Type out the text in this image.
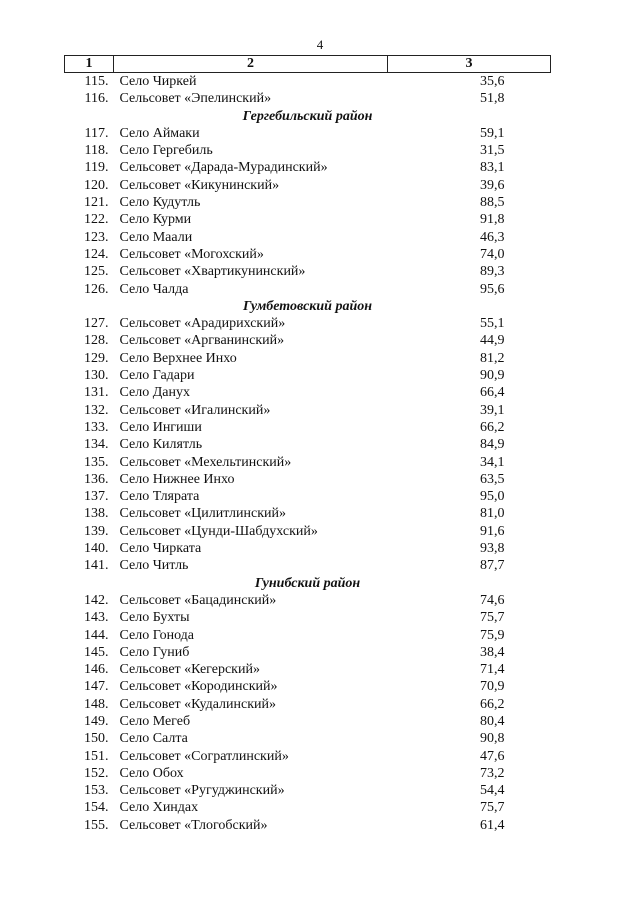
4
1	2	3
115.	Село Чиркей	35,6
116.	Сельсовет «Эпелинский»	51,8
Гергебильский район		
117.	Село Аймаки	59,1
118.	Село Гергебиль	31,5
119.	Сельсовет «Дарада-Мурадинский»	83,1
120.	Сельсовет «Кикунинский»	39,6
121.	Село Кудутль	88,5
122.	Село Курми	91,8
123.	Село Маали	46,3
124.	Сельсовет «Могохский»	74,0
125.	Сельсовет «Хвартикунинский»	89,3
126.	Село Чалда	95,6
Гумбетовский район		
127.	Сельсовет «Арадирихский»	55,1
128.	Сельсовет «Аргванинский»	44,9
129.	Село Верхнее Инхо	81,2
130.	Село Гадари	90,9
131.	Село Данух	66,4
132.	Сельсовет «Игалинский»	39,1
133.	Село Ингиши	66,2
134.	Село Килятль	84,9
135.	Сельсовет «Мехельтинский»	34,1
136.	Село Нижнее Инхо	63,5
137.	Село Тлярата	95,0
138.	Сельсовет «Цилитлинский»	81,0
139.	Сельсовет «Цунди-Шабдухский»	91,6
140.	Село Чирката	93,8
141.	Село Читль	87,7
Гунибский район		
142.	Сельсовет «Бацадинский»	74,6
143.	Село Бухты	75,7
144.	Село Гонода	75,9
145.	Село Гуниб	38,4
146.	Сельсовет «Кегерский»	71,4
147.	Сельсовет «Кородинский»	70,9
148.	Сельсовет «Кудалинский»	66,2
149.	Село Мегеб	80,4
150.	Село Салта	90,8
151.	Сельсовет «Согратлинский»	47,6
152.	Село Обох	73,2
153.	Сельсовет «Ругуджинский»	54,4
154.	Село Хиндах	75,7
155.	Сельсовет «Тлогобский»	61,4
